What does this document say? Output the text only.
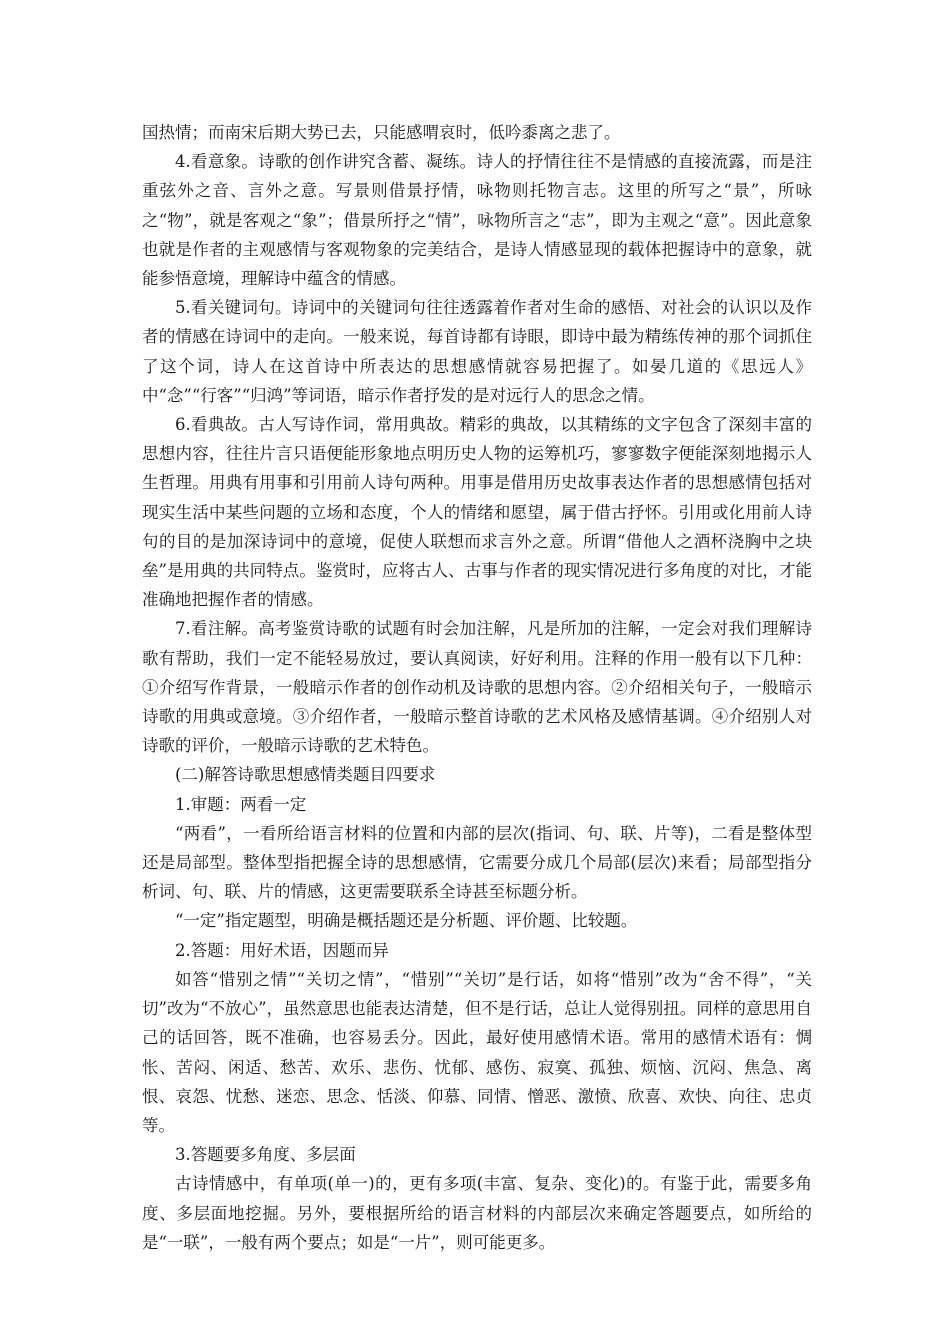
国热情；而南宋后期大势已去，只能感喟哀时，低吟黍离之悲了。

4.看意象。诗歌的创作讲究含蓄、凝练。诗人的抒情往往不是情感的直接流露，而是注重弦外之音、言外之意。写景则借景抒情，咏物则托物言志。这里的所写之“景”，所咏之“物”，就是客观之“象”；借景所抒之“情”，咏物所言之“志”，即为主观之“意”。因此意象也就是作者的主观感情与客观物象的完美结合，是诗人情感显现的载体把握诗中的意象，就能参悟意境，理解诗中蕴含的情感。

5.看关键词句。诗词中的关键词句往往透露着作者对生命的感悟、对社会的认识以及作者的情感在诗词中的走向。一般来说，每首诗都有诗眼，即诗中最为精练传神的那个词抓住了这个词，诗人在这首诗中所表达的思想感情就容易把握了。如晏几道的《思远人》中“念”“行客”“归鸿”等词语，暗示作者抒发的是对远行人的思念之情。

6.看典故。古人写诗作词，常用典故。精彩的典故，以其精练的文字包含了深刻丰富的思想内容，往往片言只语便能形象地点明历史人物的运筹机巧，寥寥数字便能深刻地揭示人生哲理。用典有用事和引用前人诗句两种。用事是借用历史故事表达作者的思想感情包括对现实生活中某些问题的立场和态度，个人的情绪和愿望，属于借古抒怀。引用或化用前人诗句的目的是加深诗词中的意境，促使人联想而求言外之意。所谓“借他人之酒杯浇胸中之块垒”是用典的共同特点。鉴赏时，应将古人、古事与作者的现实情况进行多角度的对比，才能准确地把握作者的情感。

7.看注解。高考鉴赏诗歌的试题有时会加注解，凡是所加的注解，一定会对我们理解诗歌有帮助，我们一定不能轻易放过，要认真阅读，好好利用。注释的作用一般有以下几种：①介绍写作背景，一般暗示作者的创作动机及诗歌的思想内容。②介绍相关句子，一般暗示诗歌的用典或意境。③介绍作者，一般暗示整首诗歌的艺术风格及感情基调。④介绍别人对诗歌的评价，一般暗示诗歌的艺术特色。

(二)解答诗歌思想感情类题目四要求

1.审题：两看一定

“两看”，一看所给语言材料的位置和内部的层次(指词、句、联、片等)，二看是整体型还是局部型。整体型指把握全诗的思想感情，它需要分成几个局部(层次)来看；局部型指分析词、句、联、片的情感，这更需要联系全诗甚至标题分析。

“一定”指定题型，明确是概括题还是分析题、评价题、比较题。

2.答题：用好术语，因题而异

如答“惜别之情”“关切之情”，“惜别”“关切”是行话，如将“惜别”改为“舍不得”，“关切”改为“不放心”，虽然意思也能表达清楚，但不是行话，总让人觉得别扭。同样的意思用自己的话回答，既不准确，也容易丢分。因此，最好使用感情术语。常用的感情术语有：惆怅、苦闷、闲适、愁苦、欢乐、悲伤、忧郁、感伤、寂寞、孤独、烦恼、沉闷、焦急、离恨、哀怨、忧愁、迷恋、思念、恬淡、仰慕、同情、憎恶、激愤、欣喜、欢快、向往、忠贞等。

3.答题要多角度、多层面

古诗情感中，有单项(单一)的，更有多项(丰富、复杂、变化)的。有鉴于此，需要多角度、多层面地挖掘。另外，要根据所给的语言材料的内部层次来确定答题要点，如所给的是“一联”，一般有两个要点；如是“一片”，则可能更多。
